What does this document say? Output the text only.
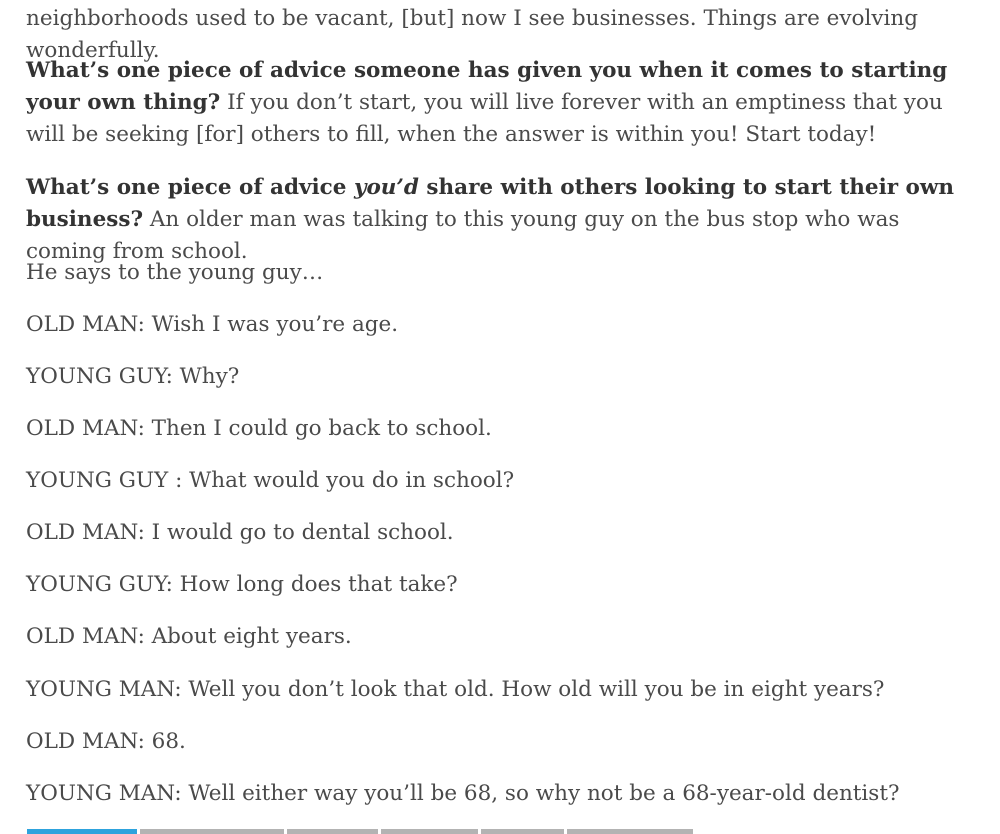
neighborhoods used to be vacant, [but] now I see businesses. Things are evolving wonderfully.

What’s one piece of advice someone has given you when it comes to starting your own thing? If you don’t start, you will live forever with an emptiness that you will be seeking [for] others to fill, when the answer is within you! Start today!

What’s one piece of advice you’d share with others looking to start their own business? An older man was talking to this young guy on the bus stop who was coming from school.

He says to the young guy…

OLD MAN: Wish I was you’re age.

YOUNG GUY: Why?

OLD MAN: Then I could go back to school.

YOUNG GUY : What would you do in school?

OLD MAN: I would go to dental school.

YOUNG GUY: How long does that take?

OLD MAN: About eight years.

YOUNG MAN: Well you don’t look that old. How old will you be in eight years?

OLD MAN: 68.

YOUNG MAN: Well either way you’ll be 68, so why not be a 68-year-old dentist?
